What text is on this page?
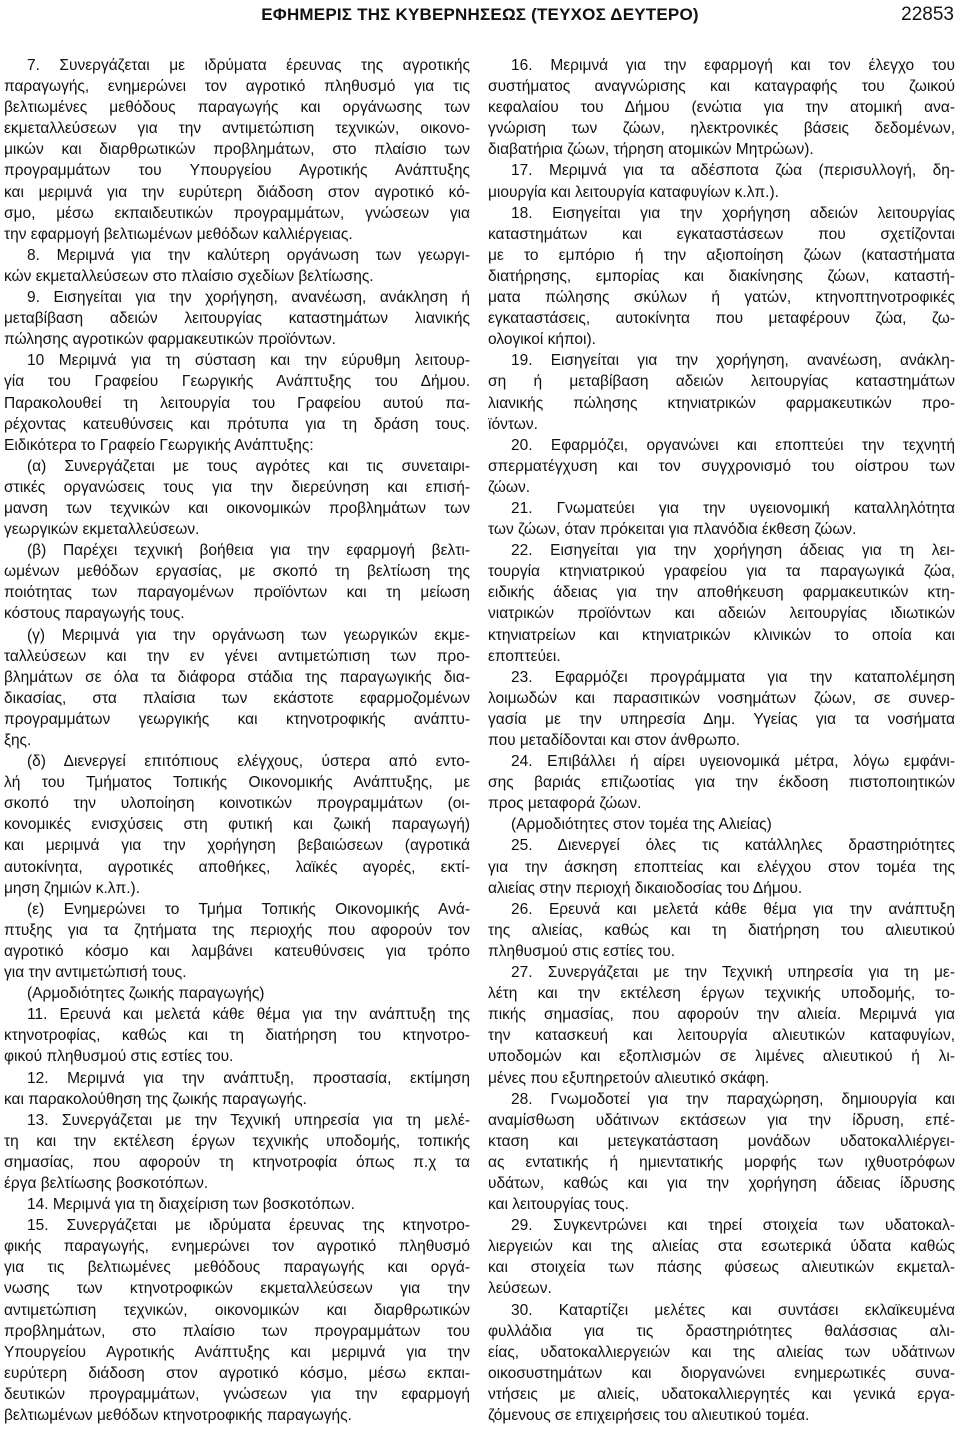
ΕΦΗΜΕΡΙΣ ΤΗΣ ΚΥΒΕΡΝΗΣΕΩΣ (ΤΕΥΧΟΣ ΔΕΥΤΕΡΟ)	22853
7. Συνεργάζεται με ιδρύματα έρευνας της αγροτικής
παραγωγής, ενημερώνει τον αγροτικό πληθυσμό για τις
βελτιωμένες μεθόδους παραγωγής και οργάνωσης των
εκμεταλλεύσεων για την αντιμετώπιση τεχνικών, οικονο-
μικών και διαρθρωτικών προβλημάτων, στο πλαίσιο των
προγραμμάτων του Υπουργείου Αγροτικής Ανάπτυξης
και μεριμνά για την ευρύτερη διάδοση στον αγροτικό κό-
σμο, μέσω εκπαιδευτικών προγραμμάτων, γνώσεων για
την εφαρμογή βελτιωμένων μεθόδων καλλιέργειας.
8. Μεριμνά για την καλύτερη οργάνωση των γεωργι-
κών εκμεταλλεύσεων στο πλαίσιο σχεδίων βελτίωσης.
9. Εισηγείται για την χορήγηση, ανανέωση, ανάκληση ή
μεταβίβαση αδειών λειτουργίας καταστημάτων λιανικής
πώλησης αγροτικών φαρμακευτικών προϊόντων.
10 Μεριμνά για τη σύσταση και την εύρυθμη λειτουρ-
γία του Γραφείου Γεωργικής Ανάπτυξης του Δήμου.
Παρακολουθεί τη λειτουργία του Γραφείου αυτού πα-
ρέχοντας κατευθύνσεις και πρότυπα για τη δράση τους.
Ειδικότερα το Γραφείο Γεωργικής Ανάπτυξης:
(α) Συνεργάζεται με τους αγρότες και τις συνεταιρι-
στικές οργανώσεις τους για την διερεύνηση και επισή-
μανση των τεχνικών και οικονομικών προβλημάτων των
γεωργικών εκμεταλλεύσεων.
(β) Παρέχει τεχνική βοήθεια για την εφαρμογή βελτι-
ωμένων μεθόδων εργασίας, με σκοπό τη βελτίωση της
ποιότητας των παραγομένων προϊόντων και τη μείωση
κόστους παραγωγής τους.
(γ) Μεριμνά για την οργάνωση των γεωργικών εκμε-
ταλλεύσεων και την εν γένει αντιμετώπιση των προ-
βλημάτων σε όλα τα διάφορα στάδια της παραγωγικής δια-
δικασίας, στα πλαίσια των εκάστοτε εφαρμοζομένων
προγραμμάτων γεωργικής και κτηνοτροφικής ανάπτυ-
ξης.
(δ) Διενεργεί επιτόπιους ελέγχους, ύστερα από εντο-
λή του Τμήματος Τοπικής Οικονομικής Ανάπτυξης, με
σκοπό την υλοποίηση κοινοτικών προγραμμάτων (οι-
κονομικές ενισχύσεις στη φυτική και ζωική παραγωγή)
και μεριμνά για την χορήγηση βεβαιώσεων (αγροτικά
αυτοκίνητα, αγροτικές αποθήκες, λαϊκές αγορές, εκτί-
μηση ζημιών κ.λπ.).
(ε) Ενημερώνει το Τμήμα Τοπικής Οικονομικής Ανά-
πτυξης για τα ζητήματα της περιοχής που αφορούν τον
αγροτικό κόσμο και λαμβάνει κατευθύνσεις για τρόπο
για την αντιμετώπισή τους.
(Αρμοδιότητες ζωικής παραγωγής)
11. Ερευνά και μελετά κάθε θέμα για την ανάπτυξη της
κτηνοτροφίας, καθώς και τη διατήρηση του κτηνοτρο-
φικού πληθυσμού στις εστίες του.
12. Μεριμνά για την ανάπτυξη, προστασία, εκτίμηση
και παρακολούθηση της ζωικής παραγωγής.
13. Συνεργάζεται με την Τεχνική υπηρεσία για τη μελέ-
τη και την εκτέλεση έργων τεχνικής υποδομής, τοπικής
σημασίας, που αφορούν τη κτηνοτροφία όπως π.χ τα
έργα βελτίωσης βοσκοτόπων.
14. Μεριμνά για τη διαχείριση των βοσκοτόπων.
15. Συνεργάζεται με ιδρύματα έρευνας της κτηνοτρο-
φικής παραγωγής, ενημερώνει τον αγροτικό πληθυσμό
για τις βελτιωμένες μεθόδους παραγωγής και οργά-
νωσης των κτηνοτροφικών εκμεταλλεύσεων για την
αντιμετώπιση τεχνικών, οικονομικών και διαρθρωτικών
προβλημάτων, στο πλαίσιο των προγραμμάτων του
Υπουργείου Αγροτικής Ανάπτυξης και μεριμνά για την
ευρύτερη διάδοση στον αγροτικό κόσμο, μέσω εκπαι-
δευτικών προγραμμάτων, γνώσεων για την εφαρμογή
βελτιωμένων μεθόδων κτηνοτροφικής παραγωγής.
16. Μεριμνά για την εφαρμογή και τον έλεγχο του
συστήματος αναγνώρισης και καταγραφής του ζωικού
κεφαλαίου του Δήμου (ενώτια για την ατομική ανα-
γνώριση των ζώων, ηλεκτρονικές βάσεις δεδομένων,
διαβατήρια ζώων, τήρηση ατομικών Μητρώων).
17. Μεριμνά για τα αδέσποτα ζώα (περισυλλογή, δη-
μιουργία και λειτουργία καταφυγίων κ.λπ.).
18. Εισηγείται για την χορήγηση αδειών λειτουργίας
καταστημάτων και εγκαταστάσεων που σχετίζονται
με το εμπόριο ή την αξιοποίηση ζώων (καταστήματα
διατήρησης, εμπορίας και διακίνησης ζώων, καταστή-
ματα πώλησης σκύλων ή γατών, κτηνοπτηνοτροφικές
εγκαταστάσεις, αυτοκίνητα που μεταφέρουν ζώα, ζω-
ολογικοί κήποι).
19. Εισηγείται για την χορήγηση, ανανέωση, ανάκλη-
ση ή μεταβίβαση αδειών λειτουργίας καταστημάτων
λιανικής πώλησης κτηνιατρικών φαρμακευτικών προ-
ϊόντων.
20. Εφαρμόζει, οργανώνει και εποπτεύει την τεχνητή
σπερματέγχυση και τον συγχρονισμό του οίστρου των
ζώων.
21. Γνωματεύει για την υγειονομική καταλληλότητα
των ζώων, όταν πρόκειται για πλανόδια έκθεση ζώων.
22. Εισηγείται για την χορήγηση άδειας για τη λει-
τουργία κτηνιατρικού γραφείου για τα παραγωγικά ζώα,
ειδικής άδειας για την αποθήκευση φαρμακευτικών κτη-
νιατρικών προϊόντων και αδειών λειτουργίας ιδιωτικών
κτηνιατρείων και κτηνιατρικών κλινικών το οποία και
εποπτεύει.
23. Εφαρμόζει προγράμματα για την καταπολέμηση
λοιμωδών και παρασιτικών νοσημάτων ζώων, σε συνερ-
γασία με την υπηρεσία Δημ. Υγείας για τα νοσήματα
που μεταδίδονται και στον άνθρωπο.
24. Επιβάλλει ή αίρει υγειονομικά μέτρα, λόγω εμφάνι-
σης βαριάς επιζωοτίας για την έκδοση πιστοποιητικών
προς μεταφορά ζώων.
(Αρμοδιότητες στον τομέα της Αλιείας)
25. Διενεργεί όλες τις κατάλληλες δραστηριότητες
για την άσκηση εποπτείας και ελέγχου στον τομέα της
αλιείας στην περιοχή δικαιοδοσίας του Δήμου.
26. Ερευνά και μελετά κάθε θέμα για την ανάπτυξη
της αλιείας, καθώς και τη διατήρηση του αλιευτικού
πληθυσμού στις εστίες του.
27. Συνεργάζεται με την Τεχνική υπηρεσία για τη με-
λέτη και την εκτέλεση έργων τεχνικής υποδομής, το-
πικής σημασίας, που αφορούν την αλιεία. Μεριμνά για
την κατασκευή και λειτουργία αλιευτικών καταφυγίων,
υποδομών και εξοπλισμών σε λιμένες αλιευτικού ή λι-
μένες που εξυπηρετούν αλιευτικό σκάφη.
28. Γνωμοδοτεί για την παραχώρηση, δημιουργία και
αναμίσθωση υδάτινων εκτάσεων για την ίδρυση, επέ-
κταση και μετεγκατάσταση μονάδων υδατοκαλλιέργει-
ας εντατικής ή ημιεντατικής μορφής των ιχθυοτρόφων
υδάτων, καθώς και για την χορήγηση άδειας ίδρυσης
και λειτουργίας τους.
29. Συγκεντρώνει και τηρεί στοιχεία των υδατοκαλ-
λιεργειών και της αλιείας στα εσωτερικά ύδατα καθώς
και στοιχεία των πάσης φύσεως αλιευτικών εκμεταλ-
λεύσεων.
30. Καταρτίζει μελέτες και συντάσει εκλαϊκευμένα
φυλλάδια για τις δραστηριότητες θαλάσσιας αλι-
είας, υδατοκαλλιεργειών και της αλιείας των υδάτινων
οικοσυστημάτων και διοργανώνει ενημερωτικές συνα-
ντήσεις με αλιείς, υδατοκαλλιεργητές και γενικά εργα-
ζόμενους σε επιχειρήσεις του αλιευτικού τομέα.
